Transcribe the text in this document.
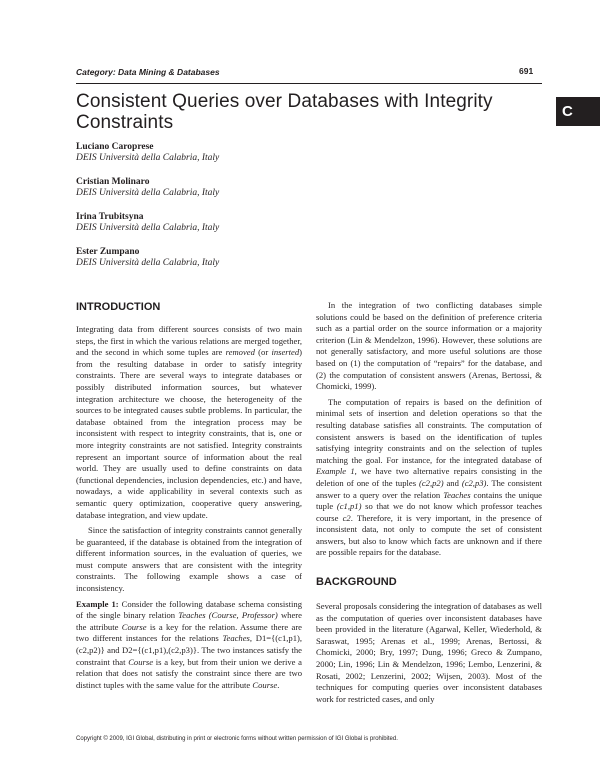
Category: Data Mining & Databases	691
C
Consistent Queries over Databases with Integrity Constraints
Luciano Caroprese
DEIS Università della Calabria, Italy
Cristian Molinaro
DEIS Università della Calabria, Italy
Irina Trubitsyna
DEIS Università della Calabria, Italy
Ester Zumpano
DEIS Università della Calabria, Italy
INTRODUCTION

Integrating data from different sources consists of two main steps, the first in which the various relations are merged together, and the second in which some tuples are removed (or inserted) from the resulting database in order to satisfy integrity constraints. There are several ways to integrate databases or possibly distributed information sources, but whatever integration architecture we choose, the heterogeneity of the sources to be integrated causes subtle problems. In particular, the database obtained from the integration process may be inconsistent with respect to integrity constraints, that is, one or more integrity constraints are not satisfied. Integrity constraints represent an important source of information about the real world. They are usually used to define constraints on data (functional dependencies, inclusion dependencies, etc.) and have, nowadays, a wide applicability in several contexts such as semantic query optimization, cooperative query answering, database integration, and view update.

Since the satisfaction of integrity constraints cannot generally be guaranteed, if the database is obtained from the integration of different information sources, in the evaluation of queries, we must compute answers that are consistent with the integrity constraints. The following example shows a case of inconsistency.

Example 1: Consider the following database schema consisting of the single binary relation Teaches (Course, Professor) where the attribute Course is a key for the relation. Assume there are two different instances for the relations Teaches, D1={(c1,p1),(c2,p2)} and D2={(c1,p1),(c2,p3)}. The two instances satisfy the constraint that Course is a key, but from their union we derive a relation that does not satisfy the constraint since there are two distinct tuples with the same value for the attribute Course.

In the integration of two conflicting databases simple solutions could be based on the definition of preference criteria such as a partial order on the source information or a majority criterion (Lin & Mendelzon, 1996). However, these solutions are not generally satisfactory, and more useful solutions are those based on (1) the computation of “repairs” for the database, and (2) the computation of consistent answers (Arenas, Bertossi, & Chomicki, 1999).

The computation of repairs is based on the definition of minimal sets of insertion and deletion operations so that the resulting database satisfies all constraints. The computation of consistent answers is based on the identification of tuples satisfying integrity constraints and on the selection of tuples matching the goal. For instance, for the integrated database of Example 1, we have two alternative repairs consisting in the deletion of one of the tuples (c2,p2) and (c2,p3). The consistent answer to a query over the relation Teaches contains the unique tuple (c1,p1) so that we do not know which professor teaches course c2. Therefore, it is very important, in the presence of inconsistent data, not only to compute the set of consistent answers, but also to know which facts are unknown and if there are possible repairs for the database.

BACKGROUND

Several proposals considering the integration of databases as well as the computation of queries over inconsistent databases have been provided in the literature (Agarwal, Keller, Wiederhold, & Saraswat, 1995; Arenas et al., 1999; Arenas, Bertossi, & Chomicki, 2000; Bry, 1997; Dung, 1996; Greco & Zumpano, 2000; Lin, 1996; Lin & Mendelzon, 1996; Lembo, Lenzerini, & Rosati, 2002; Lenzerini, 2002; Wijsen, 2003). Most of the techniques for computing queries over inconsistent databases work for restricted cases, and only

Copyright © 2009, IGI Global, distributing in print or electronic forms without written permission of IGI Global is prohibited.
